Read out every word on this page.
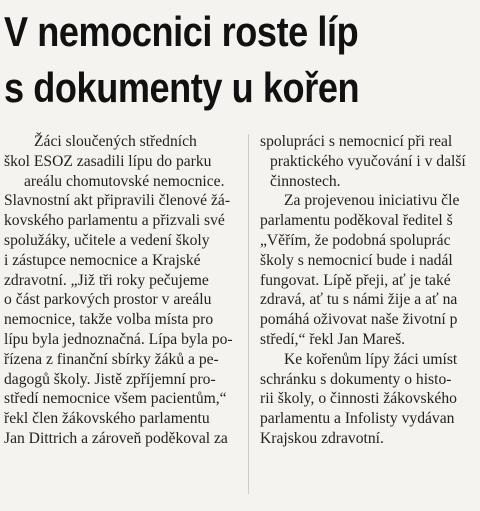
V nemocnici roste líp
s dokumenty u kořen
Žáci sloučených středních
škol ESOZ zasadili lípu do parku
areálu chomutovské nemocnice.
Slavnostní akt připravili členové žá-
kovského parlamentu a přizvali své
spolužáky, učitele a vedení školy
i zástupce nemocnice a Krajské
zdravotní. „Již tři roky pečujeme
o část parkových prostor v areálu
nemocnice, takže volba místa pro
lípu byla jednoznačná. Lípa byla po-
řízena z finanční sbírky žáků a pe-
dagogů školy. Jistě zpříjemní pro-
středí nemocnice všem pacientům,“
řekl člen žákovského parlamentu
Jan Dittrich a zároveň poděkoval za
spolupráci s nemocnicí při real
praktického vyučování i v další
činnostech.
Za projevenou iniciativu čle
parlamentu poděkoval ředitel š
„Věřím, že podobná spoluprác
školy s nemocnicí bude i nadál
fungovat. Lípě přeji, ať je také
zdravá, ať tu s námi žije a ať na
pomáhá oživovat naše životní p
středí,“ řekl Jan Mareš.
Ke kořenům lípy žáci umíst
schránku s dokumenty o histo-
rii školy, o činnosti žákovského
parlamentu a Infolisty vydávan
Krajskou zdravotní.
